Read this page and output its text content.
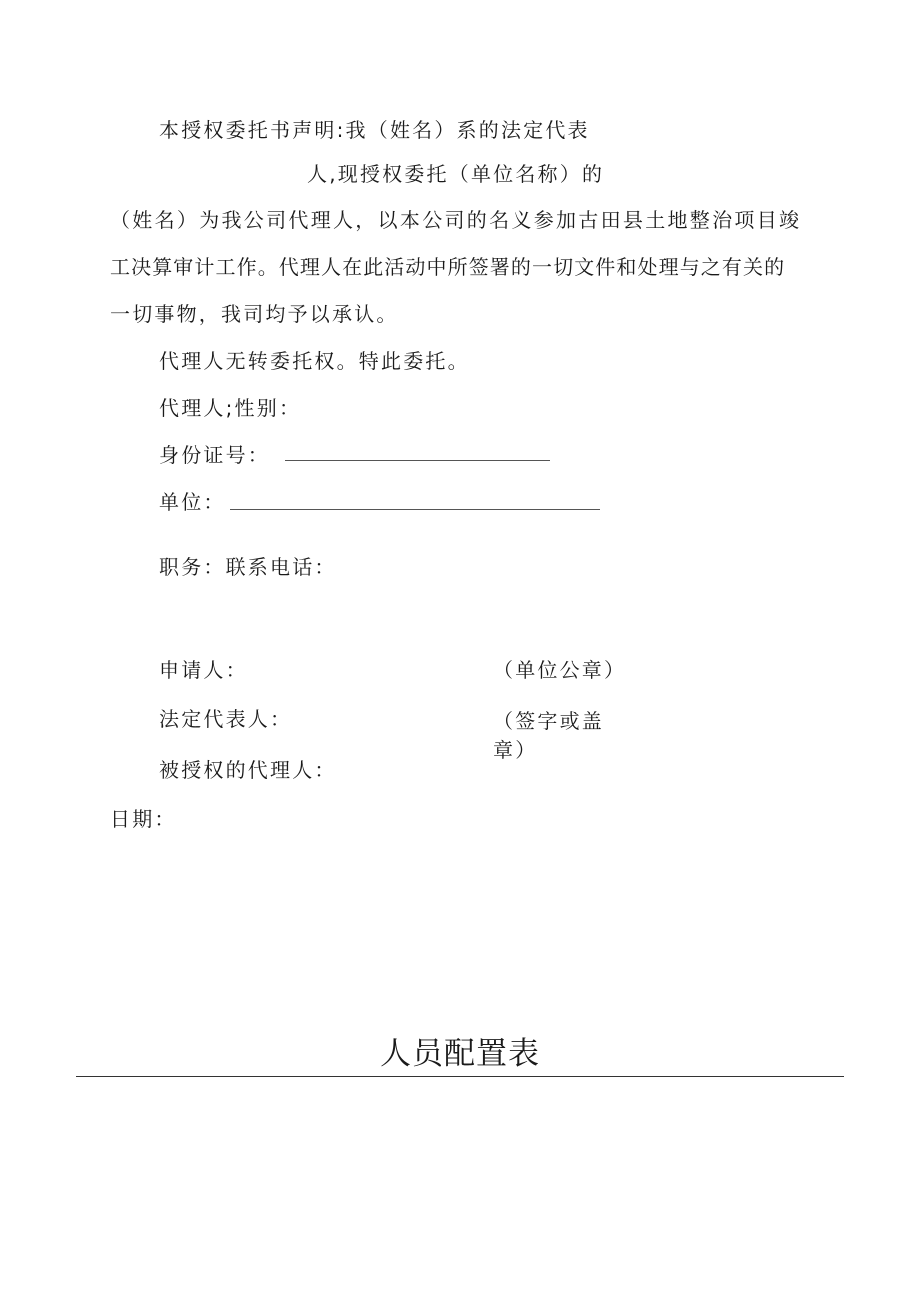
本授权委托书声明:我（姓名）系的法定代表
人,现授权委托（单位名称）的
（姓名）为我公司代理人，以本公司的名义参加古田县土地整治项目竣
工决算审计工作。代理人在此活动中所签署的一切文件和处理与之有关的
一切事物，我司均予以承认。
代理人无转委托权。特此委托。
代理人;性别：
身份证号：
单位：
职务：联系电话：
申请人：	（单位公章）
法定代表人：	（签字或盖
章）
被授权的代理人：
日期：
人员配置表
